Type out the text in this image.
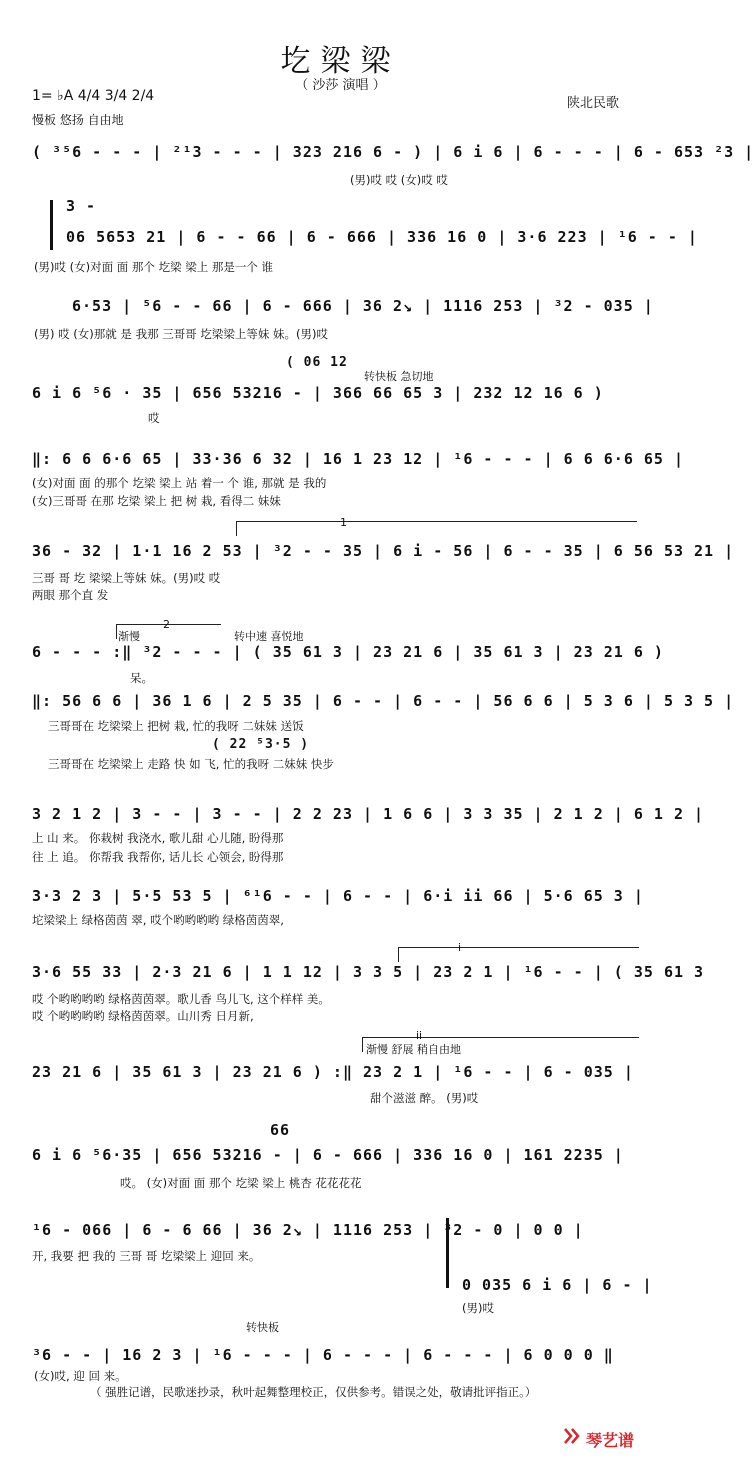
圪梁梁
（ 沙莎 演唱 ）
1= ♭A 4/4 3/4 2/4
慢板 悠扬 自由地
陕北民歌
( ³⁵6 - - - | ²¹3 - - - | 323 216 6 - ) | 6 i 6 | 6 - - - | 6 - 653 ²3 |
(男)哎 哎 (女)哎 哎
3 -
06 5653 21 | 6 - - 66 | 6 - 666 | 336 16 0 | 3·6 223 | ¹6 - - |
(男)哎 (女)对面 面 那个 圪梁 梁上 那是一个 谁
6·53 | ⁵6 - - 66 | 6 - 666 | 36 2↘ | 1116 253 | ³2 - 035 |
(男) 哎 (女)那就 是 我那 三哥哥 圪梁梁上等妹 妹。(男)哎
( 06 12
转快板 急切地
6 i 6 ⁵6 · 35 | 656 53216 - | 366 66 65 3 | 232 12 16 6 )
哎
‖: 6 6 6·6 65 | 33·36 6 32 | 16 1 23 12 | ¹6 - - - | 6 6 6·6 65 |
(女)对面 面 的那个 圪梁 梁上 站 着一 个 谁, 那就 是 我的
(女)三哥哥 在那 圪梁 梁上 把 树 栽, 看得二 妹妹
1
36 - 32 | 1·1 16 2 53 | ³2 - - 35 | 6 i - 56 | 6 - - 35 | 6 56 53 21 |
三哥 哥 圪 梁梁上等妹 妹。(男)哎 哎
两眼 那个直 发
2
渐慢	转中速 喜悦地
6 - - - :‖ ³2 - - - | ( 35 61 3 | 23 21 6 | 35 61 3 | 23 21 6 )
呆。
‖: 56 6 6 | 36 1 6 | 2 5 35 | 6 - - | 6 - - | 56 6 6 | 5 3 6 | 5 3 5 |
三哥哥在 圪梁梁上 把树 栽, 忙的我呀 二妹妹 送饭
( 22 ⁵3·5 )
三哥哥在 圪梁梁上 走路 快 如 飞, 忙的我呀 二妹妹 快步
3 2 1 2 | 3 - - | 3 - - | 2 2 23 | 1 6 6 | 3 3 35 | 2 1 2 | 6 1 2 |
上 山 来。 你栽树 我浇水, 歌儿甜 心儿随, 盼得那
往 上 追。 你帮我 我帮你, 话儿长 心领会, 盼得那
3·3 2 3 | 5·5 53 5 | ⁶¹6 - - | 6 - - | 6·i ii 66 | 5·6 65 3 |
坨梁梁上 绿格茵茵 翠, 哎个哟哟哟哟 绿格茵茵翠,
i
3·6 55 33 | 2·3 21 6 | 1 1 12 | 3 3 5 | 23 2 1 | ¹6 - - | ( 35 61 3
哎 个哟哟哟哟 绿格茵茵翠。歌儿香 鸟儿飞, 这个样样 美。
哎 个哟哟哟哟 绿格茵茵翠。山川秀 日月新,
ii
渐慢 舒展 稍自由地
23 21 6 | 35 61 3 | 23 21 6 ) :‖ 23 2 1 | ¹6 - - | 6 - 035 |
甜个滋滋 醉。 (男)哎
66
6 i 6 ⁵6·35 | 656 53216 - | 6 - 666 | 336 16 0 | 161 2235 |
哎。 (女)对面 面 那个 圪梁 梁上 桃杏 花花花花
¹6 - 066 | 6 - 6 66 | 36 2↘ | 1116 253 | ³2 - 0 | 0 0 |
开, 我要 把 我的 三哥 哥 圪梁梁上 迎回 来。
0 035 6 i 6 | 6 - |
(男)哎
转快板
³6 - - | 16 2 3 | ¹6 - - - | 6 - - - | 6 - - - | 6 0 0 0 ‖
(女)哎, 迎 回 来。
（ 强胜记谱，民歌迷抄录，秋叶起舞整理校正，仅供参考。错误之处，敬请批评指正。）
琴艺谱
